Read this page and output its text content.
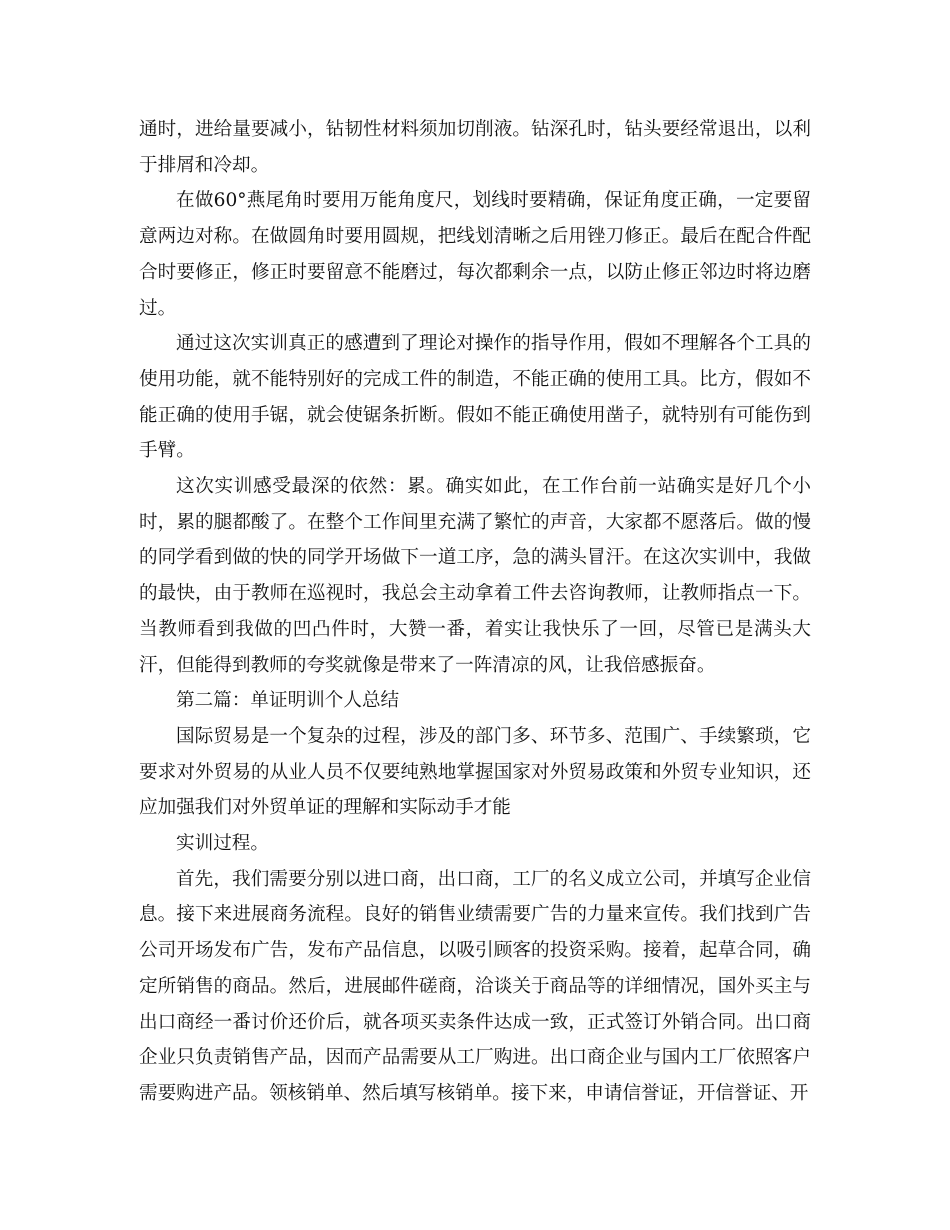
通时，进给量要减小，钻韧性材料须加切削液。钻深孔时，钻头要经常退出，以利于排屑和冷却。

在做60°燕尾角时要用万能角度尺，划线时要精确，保证角度正确，一定要留意两边对称。在做圆角时要用圆规，把线划清晰之后用锉刀修正。最后在配合件配合时要修正，修正时要留意不能磨过，每次都剩余一点，以防止修正邻边时将边磨过。

通过这次实训真正的感遭到了理论对操作的指导作用，假如不理解各个工具的使用功能，就不能特别好的完成工件的制造，不能正确的使用工具。比方，假如不能正确的使用手锯，就会使锯条折断。假如不能正确使用凿子，就特别有可能伤到手臂。

这次实训感受最深的依然：累。确实如此，在工作台前一站确实是好几个小时，累的腿都酸了。在整个工作间里充满了繁忙的声音，大家都不愿落后。做的慢的同学看到做的快的同学开场做下一道工序，急的满头冒汗。在这次实训中，我做的最快，由于教师在巡视时，我总会主动拿着工件去咨询教师，让教师指点一下。当教师看到我做的凹凸件时，大赞一番，着实让我快乐了一回，尽管已是满头大汗，但能得到教师的夸奖就像是带来了一阵清凉的风，让我倍感振奋。

第二篇：单证明训个人总结

国际贸易是一个复杂的过程，涉及的部门多、环节多、范围广、手续繁琐，它要求对外贸易的从业人员不仅要纯熟地掌握国家对外贸易政策和外贸专业知识，还应加强我们对外贸单证的理解和实际动手才能

实训过程。

首先，我们需要分别以进口商，出口商，工厂的名义成立公司，并填写企业信息。接下来进展商务流程。良好的销售业绩需要广告的力量来宣传。我们找到广告公司开场发布广告，发布产品信息，以吸引顾客的投资采购。接着，起草合同，确定所销售的商品。然后，进展邮件磋商，洽谈关于商品等的详细情况，国外买主与出口商经一番讨价还价后，就各项买卖条件达成一致，正式签订外销合同。出口商企业只负责销售产品，因而产品需要从工厂购进。出口商企业与国内工厂依照客户需要购进产品。领核销单、然后填写核销单。接下来，申请信誉证，开信誉证、开
